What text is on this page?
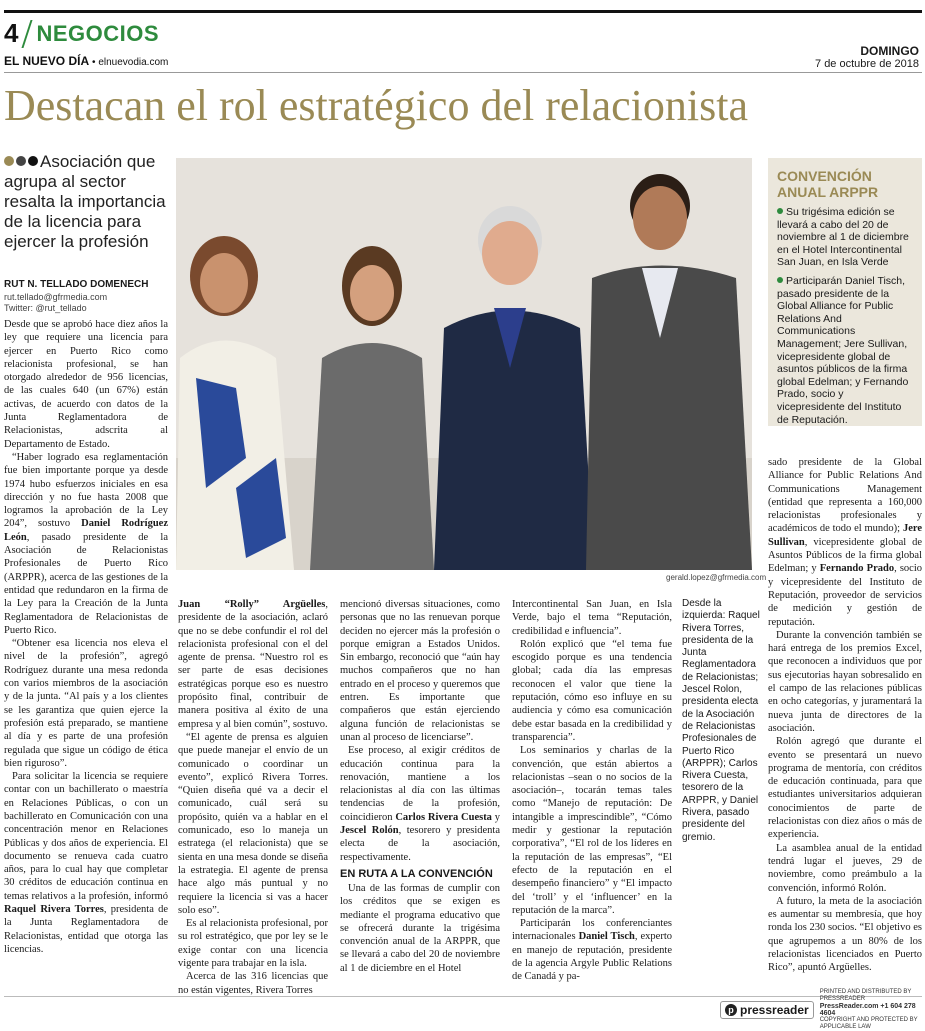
4 NEGOCIOS
EL NUEVO DÍA • elnuevodia.com
DOMINGO
7 de octubre de 2018
Destacan el rol estratégico del relacionista
Asociación que agrupa al sector resalta la importancia de la licencia para ejercer la profesión
RUT N. TELLADO DOMENECH
rut.tellado@gfrmedia.com
Twitter: @rut_tellado

Desde que se aprobó hace diez años la ley que requiere una licencia para ejercer en Puerto Rico como relacionista profesional, se han otorgado alrededor de 956 licencias, de las cuales 640 (un 67%) están activas, de acuerdo con datos de la Junta Reglamentadora de Relacionistas, adscrita al Departamento de Estado.

“Haber logrado esa reglamentación fue bien importante porque ya desde 1974 hubo esfuerzos iniciales en esa dirección y no fue hasta 2008 que logramos la aprobación de la Ley 204”, sostuvo Daniel Rodríguez León, pasado presidente de la Asociación de Relacionistas Profesionales de Puerto Rico (ARPPR), acerca de las gestiones de la entidad que redundaron en la firma de la Ley para la Creación de la Junta Reglamentadora de Relacionistas de Puerto Rico.

“Obtener esa licencia nos eleva el nivel de la profesión”, agregó Rodríguez durante una mesa redonda con varios miembros de la asociación y de la junta. “Al país y a los clientes se les garantiza que quien ejerce la profesión está preparado, se mantiene al día y es parte de una profesión regulada que sigue un código de ética bien riguroso”.

Para solicitar la licencia se requiere contar con un bachillerato o maestría en Relaciones Públicas, o con un bachillerato en Comunicación con una concentración menor en Relaciones Públicas y dos años de experiencia. El documento se renueva cada cuatro años, para lo cual hay que completar 30 créditos de educación continua en temas relativos a la profesión, informó Raquel Rivera Torres, presidenta de la Junta Reglamentadora de Relacionistas, entidad que otorga las licencias.

gerald.lopez@gfrmedia.com
CONVENCIÓN ANUAL ARPPR

Su trigésima edición se llevará a cabo del 20 de noviembre al 1 de diciembre en el Hotel Intercontinental San Juan, en Isla Verde

Participarán Daniel Tisch, pasado presidente de la Global Alliance for Public Relations And Communications Management; Jere Sullivan, vicepresidente global de asuntos públicos de la firma global Edelman; y Fernando Prado, socio y vicepresidente del Instituto de Reputación.

Juan “Rolly” Argüelles, presidente de la asociación, aclaró que no se debe confundir el rol del relacionista profesional con el del agente de prensa. “Nuestro rol es ser parte de esas decisiones estratégicas porque eso es nuestro propósito final, contribuir de manera positiva al éxito de una empresa y al bien común”, sostuvo.

“El agente de prensa es alguien que puede manejar el envío de un comunicado o coordinar un evento”, explicó Rivera Torres. “Quien diseña qué va a decir el comunicado, cuál será su propósito, quién va a hablar en el comunicado, eso lo maneja un estratega (el relacionista) que se sienta en una mesa donde se diseña la estrategia. El agente de prensa hace algo más puntual y no requiere la licencia si vas a hacer solo eso”.

Es al relacionista profesional, por su rol estratégico, que por ley se le exige contar con una licencia vigente para trabajar en la isla.

Acerca de las 316 licencias que no están vigentes, Rivera Torres

mencionó diversas situaciones, como personas que no las renuevan porque deciden no ejercer más la profesión o porque emigran a Estados Unidos. Sin embargo, reconoció que “aún hay muchos compañeros que no han entrado en el proceso y queremos que entren. Es importante que compañeros que están ejerciendo alguna función de relacionistas se unan al proceso de licenciarse”.

Ese proceso, al exigir créditos de educación continua para la renovación, mantiene a los relacionistas al día con las últimas tendencias de la profesión, coincidieron Carlos Rivera Cuesta y Jescel Rolón, tesorero y presidenta electa de la asociación, respectivamente.

EN RUTA A LA CONVENCIÓN

Una de las formas de cumplir con los créditos que se exigen es mediante el programa educativo que se ofrecerá durante la trigésima convención anual de la ARPPR, que se llevará a cabo del 20 de noviembre al 1 de diciembre en el Hotel

Intercontinental San Juan, en Isla Verde, bajo el tema “Reputación, credibilidad e influencia”.

Rolón explicó que “el tema fue escogido porque es una tendencia global; cada día las empresas reconocen el valor que tiene la reputación, cómo eso influye en su audiencia y cómo esa comunicación debe estar basada en la credibilidad y transparencia”.

Los seminarios y charlas de la convención, que están abiertos a relacionistas –sean o no socios de la asociación–, tocarán temas tales como “Manejo de reputación: De intangible a imprescindible”, “Cómo medir y gestionar la reputación corporativa”, “El rol de los líderes en la reputación de las empresas”, “El efecto de la reputación en el desempeño financiero” y “El impacto del ‘troll’ y el ‘influencer’ en la reputación de la marca”.

Participarán los conferenciantes internacionales Daniel Tisch, experto en manejo de reputación, presidente de la agencia Argyle Public Relations de Canadá y pa-

Desde la izquierda: Raquel Rivera Torres, presidenta de la Junta Reglamentadora de Relacionistas; Jescel Rolon, presidenta electa de la Asociación de Relacionistas Profesionales de Puerto Rico (ARPPR); Carlos Rivera Cuesta, tesorero de la ARPPR, y Daniel Rivera, pasado presidente del gremio.

sado presidente de la Global Alliance for Public Relations And Communications Management (entidad que representa a 160,000 relacionistas profesionales y académicos de todo el mundo); Jere Sullivan, vicepresidente global de Asuntos Públicos de la firma global Edelman; y Fernando Prado, socio y vicepresidente del Instituto de Reputación, proveedor de servicios de medición y gestión de reputación.

Durante la convención también se hará entrega de los premios Excel, que reconocen a individuos que por sus ejecutorias hayan sobresalido en el campo de las relaciones públicas en ocho categorías, y juramentará la nueva junta de directores de la asociación.

Rolón agregó que durante el evento se presentará un nuevo programa de mentoría, con créditos de educación continuada, para que estudiantes universitarios adquieran conocimientos de parte de relacionistas con diez años o más de experiencia.

La asamblea anual de la entidad tendrá lugar el jueves, 29 de noviembre, como preámbulo a la convención, informó Rolón.

A futuro, la meta de la asociación es aumentar su membresía, que hoy ronda los 230 socios. “El objetivo es que agrupemos a un 80% de los relacionistas licenciados en Puerto Rico”, apuntó Argüelles.

p pressreader
PRINTED AND DISTRIBUTED BY PRESSREADER
PressReader.com +1 604 278 4604
COPYRIGHT AND PROTECTED BY APPLICABLE LAW
